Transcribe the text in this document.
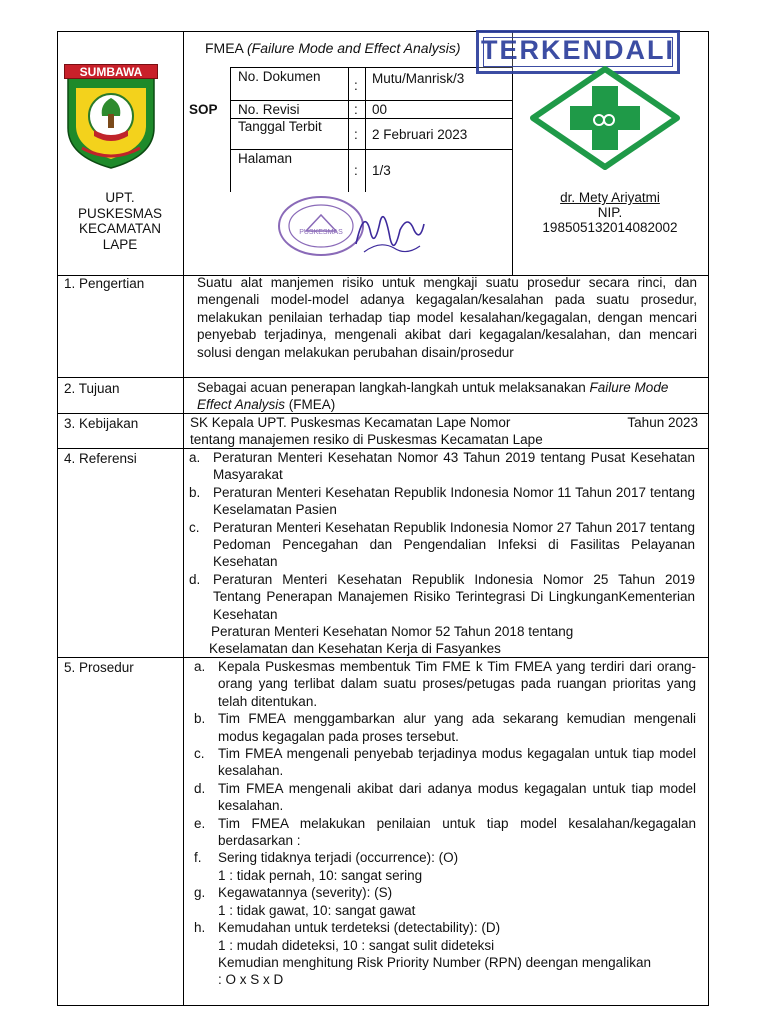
FMEA (Failure Mode and Effect Analysis) TERKENDALI
SUMBAWA
UPT.
PUSKESMAS
KECAMATAN
LAPE
SOP
No. Dokumen
: Mutu/Manrisk/3
No. Revisi	: 00
Tanggal Terbit
: 2 Februari 2023
Halaman
: 1/3
dr. Mety Ariyatmi
NIP.
198505132014082002
PUSKESMAS
1. Pengertian
2. Tujuan
3. Kebijakan
4. Referensi
5. Prosedur
Suatu alat manjemen risiko untuk mengkaji suatu prosedur secara rinci, dan mengenali model-model adanya kegagalan/kesalahan pada suatu prosedur, melakukan penilaian terhadap tiap model kesalahan/kegagalan, dengan mencari penyebab terjadinya, mengenali akibat dari kegagalan/kesalahan, dan mencari solusi dengan melakukan perubahan disain/prosedur
Sebagai acuan penerapan langkah-langkah untuk melaksanakan Failure Mode Effect Analysis (FMEA)
SK Kepala UPT. Puskesmas Kecamatan Lape Nomor	Tahun 2023
tentang manajemen resiko di Puskesmas Kecamatan Lape
a. Peraturan Menteri Kesehatan Nomor 43 Tahun 2019 tentang Pusat Kesehatan Masyarakat
b. Peraturan Menteri Kesehatan Republik Indonesia Nomor 11 Tahun 2017 tentang Keselamatan Pasien
c. Peraturan Menteri Kesehatan Republik Indonesia Nomor 27 Tahun 2017 tentang Pedoman Pencegahan dan Pengendalian Infeksi di Fasilitas Pelayanan Kesehatan
d. Peraturan Menteri Kesehatan Republik Indonesia Nomor 25 Tahun 2019 Tentang Penerapan Manajemen Risiko Terintegrasi Di LingkunganKementerian Kesehatan
Peraturan Menteri Kesehatan Nomor 52 Tahun 2018 tentang
Keselamatan dan Kesehatan Kerja di Fasyankes
a. Kepala Puskesmas membentuk Tim FME k Tim FMEA yang terdiri dari orang-orang yang terlibat dalam suatu proses/petugas pada ruangan prioritas yang telah ditentukan.
b. Tim FMEA menggambarkan alur yang ada sekarang kemudian mengenali modus kegagalan pada proses tersebut.
c. Tim FMEA mengenali penyebab terjadinya modus kegagalan untuk tiap model kesalahan.
d. Tim FMEA mengenali akibat dari adanya modus kegagalan untuk tiap model kesalahan.
e. Tim FMEA melakukan penilaian untuk tiap model kesalahan/kegagalan berdasarkan :
f. Sering tidaknya terjadi (occurrence): (O)
1 : tidak pernah, 10: sangat sering
g. Kegawatannya (severity): (S)
1 : tidak gawat, 10: sangat gawat
h. Kemudahan untuk terdeteksi (detectability): (D)
1 : mudah dideteksi, 10 : sangat sulit dideteksi
Kemudian menghitung Risk Priority Number (RPN) deengan mengalikan
: O x S x D
